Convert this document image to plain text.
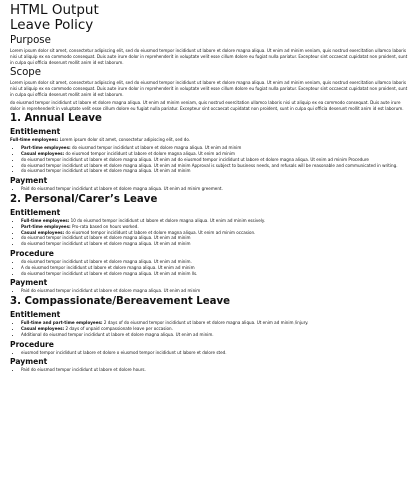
HTML Output
Leave Policy
Purpose

Lorem ipsum dolor sit amet, consectetur adipiscing elit, sed do eiusmod tempor incididunt ut labore et dolore magna aliqua. Ut enim ad minim veniam, quis nostrud exercitation ullamco laboris nisi ut aliquip ex ea commodo consequat. Duis aute irure dolor in reprehenderit in voluptate velit esse cillum dolore eu fugiat nulla pariatur. Excepteur sint occaecat cupidatat non proident, sunt in culpa qui officia deserunt mollit anim id est laborum.

Scope

Lorem ipsum dolor sit amet, consectetur adipiscing elit, sed do eiusmod tempor incididunt ut labore et dolore magna aliqua. Ut enim ad minim veniam, quis nostrud exercitation ullamco laboris nisi ut aliquip ex ea commodo consequat. Duis aute irure dolor in reprehenderit in voluptate velit esse cillum dolore eu fugiat nulla pariatur. Excepteur sint occaecat cupidatat non proident, sunt in culpa qui officia deserunt mollit anim id est laborum.

do eiusmod tempor incididunt ut labore et dolore magna aliqua. Ut enim ad minim veniam, quis nostrud exercitation ullamco laboris nisi ut aliquip ex ea commodo consequat. Duis aute irure dolor in reprehenderit in voluptate velit esse cillum dolore eu fugiat nulla pariatur. Excepteur sint occaecat cupidatat non proident, sunt in culpa qui officia deserunt mollit anim id est laborum.

1. Annual Leave
Entitlement

Full-time employees: Lorem ipsum dolor sit amet, consectetur adipiscing elit, sed do.

• Part-time employees: do eiusmod tempor incididunt ut labore et dolore magna aliqua. Ut enim ad minim
• Casual employees: do eiusmod tempor incididunt ut labore et dolore magna aliqua. Ut enim ad minim
• do eiusmod tempor incididunt ut labore et dolore magna aliqua. Ut enim ad do eiusmod tempor incididunt ut labore et dolore magna aliqua. Ut enim ad minim Procedure
• do eiusmod tempor incididunt ut labore et dolore magna aliqua. Ut enim ad minim Approval is subject to business needs, and refusals will be reasonable and communicated in writing.
• do eiusmod tempor incididunt ut labore et dolore magna aliqua. Ut enim ad minim
Payment
• Paid do eiusmod tempor incididunt ut labore et dolore magna aliqua. Ut enim ad minim greement.
2. Personal/Carer’s Leave
Entitlement
• Full-time employees: 10 do eiusmod tempor incididunt ut labore et dolore magna aliqua. Ut enim ad minim essively.
• Part-time employees: Pro-rata based on hours worked.
• Casual employees: do eiusmod tempor incididunt ut labore et dolore magna aliqua. Ut enim ad minim occasion.
• do eiusmod tempor incididunt ut labore et dolore magna aliqua. Ut enim ad minim
• do eiusmod tempor incididunt ut labore et dolore magna aliqua. Ut enim ad minim
Procedure
• do eiusmod tempor incididunt ut labore et dolore magna aliqua. Ut enim ad minim.
• A do eiusmod tempor incididunt ut labore et dolore magna aliqua. Ut enim ad minim
• do eiusmod tempor incididunt ut labore et dolore magna aliqua. Ut enim ad minim lls.
Payment
• Paid do eiusmod tempor incididunt ut labore et dolore magna aliqua. Ut enim ad minim
3. Compassionate/Bereavement Leave
Entitlement
• Full-time and part-time employees: 2 days of do eiusmod tempor incididunt ut labore et dolore magna aliqua. Ut enim ad minim /injury.
• Casual employees: 2 days of unpaid compassionate leave per occasion.
• Additional do eiusmod tempor incididunt ut labore et dolore magna aliqua. Ut enim ad minim.
Procedure
• eiusmod tempor incididunt ut labore et dolore o eiusmod tempor incididunt ut labore et dolore sted.
Payment
• Paid do eiusmod tempor incididunt ut labore et dolore hours.
